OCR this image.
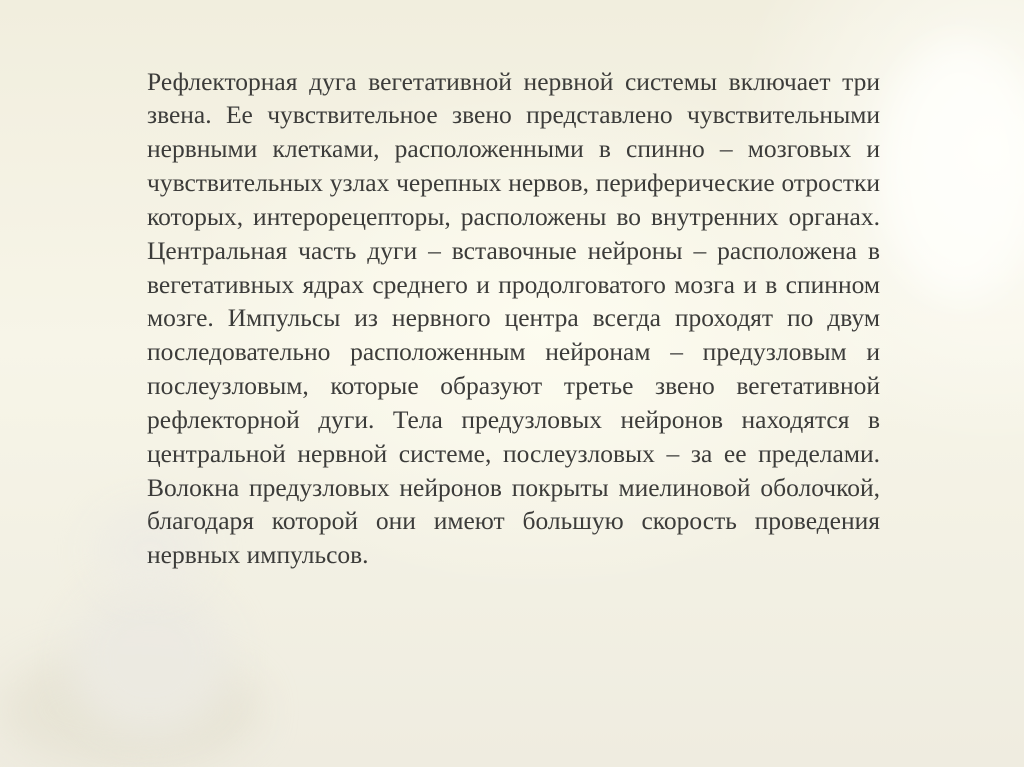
Рефлекторная дуга вегетативной нервной системы включает три звена. Ее чувствительное звено представлено чувствительными нервными клетками, расположенными в спинно – мозговых и чувствительных узлах черепных нервов, периферические отростки которых, интерорецепторы, расположены во внутренних органах. Центральная часть дуги – вставочные нейроны – расположена в вегетативных ядрах среднего и продолговатого мозга и в спинном мозге. Импульсы из нервного центра всегда проходят по двум последовательно расположенным нейронам – предузловым и послеузловым, которые образуют третье звено вегетативной рефлекторной дуги. Тела предузловых нейронов находятся в центральной нервной системе, послеузловых – за ее пределами. Волокна предузловых нейронов покрыты миелиновой оболочкой, благодаря которой они имеют большую скорость проведения нервных импульсов.
